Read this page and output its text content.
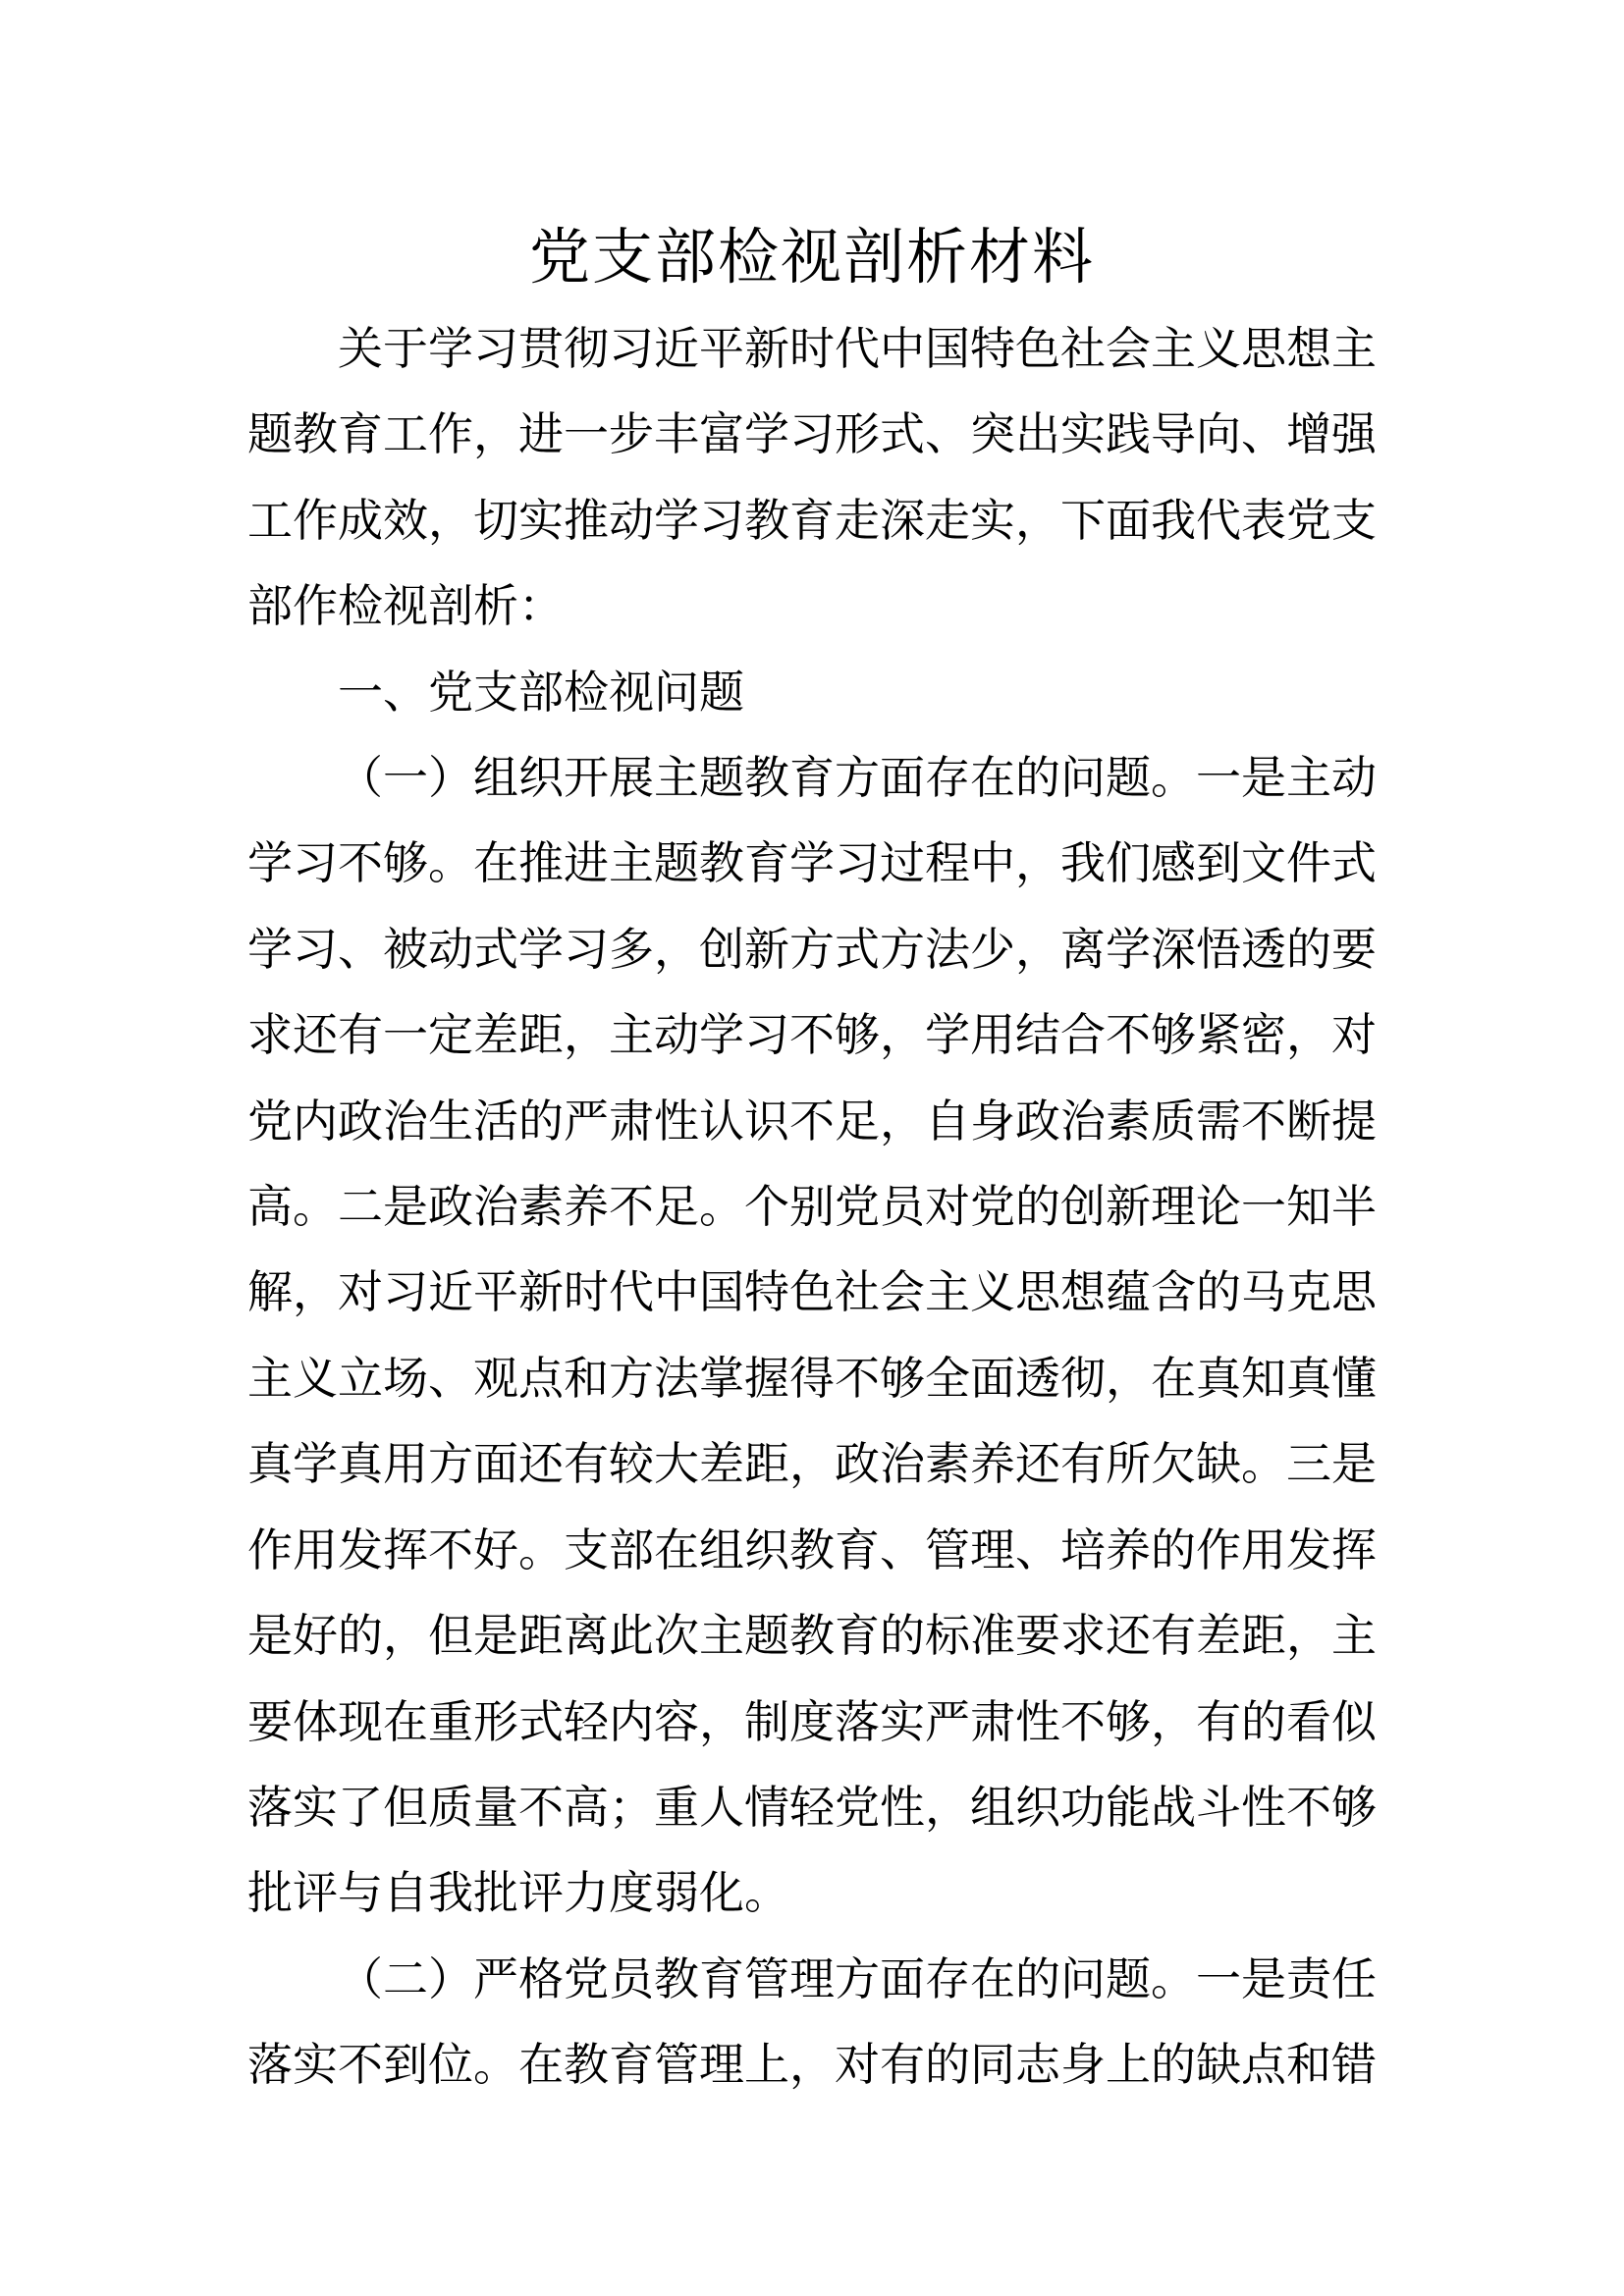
党支部检视剖析材料

关于学习贯彻习近平新时代中国特色社会主义思想主
题教育工作，进一步丰富学习形式、突出实践导向、增强
工作成效，切实推动学习教育走深走实，下面我代表党支
部作检视剖析：

一、党支部检视问题

（一）组织开展主题教育方面存在的问题。一是主动
学习不够。在推进主题教育学习过程中，我们感到文件式
学习、被动式学习多，创新方式方法少，离学深悟透的要
求还有一定差距，主动学习不够，学用结合不够紧密，对
党内政治生活的严肃性认识不足，自身政治素质需不断提
高。二是政治素养不足。个别党员对党的创新理论一知半
解，对习近平新时代中国特色社会主义思想蕴含的马克思
主义立场、观点和方法掌握得不够全面透彻，在真知真懂
真学真用方面还有较大差距，政治素养还有所欠缺。三是
作用发挥不好。支部在组织教育、管理、培养的作用发挥
是好的，但是距离此次主题教育的标准要求还有差距，主
要体现在重形式轻内容，制度落实严肃性不够，有的看似
落实了但质量不高；重人情轻党性，组织功能战斗性不够
批评与自我批评力度弱化。

（二）严格党员教育管理方面存在的问题。一是责任
落实不到位。在教育管理上，对有的同志身上的缺点和错
